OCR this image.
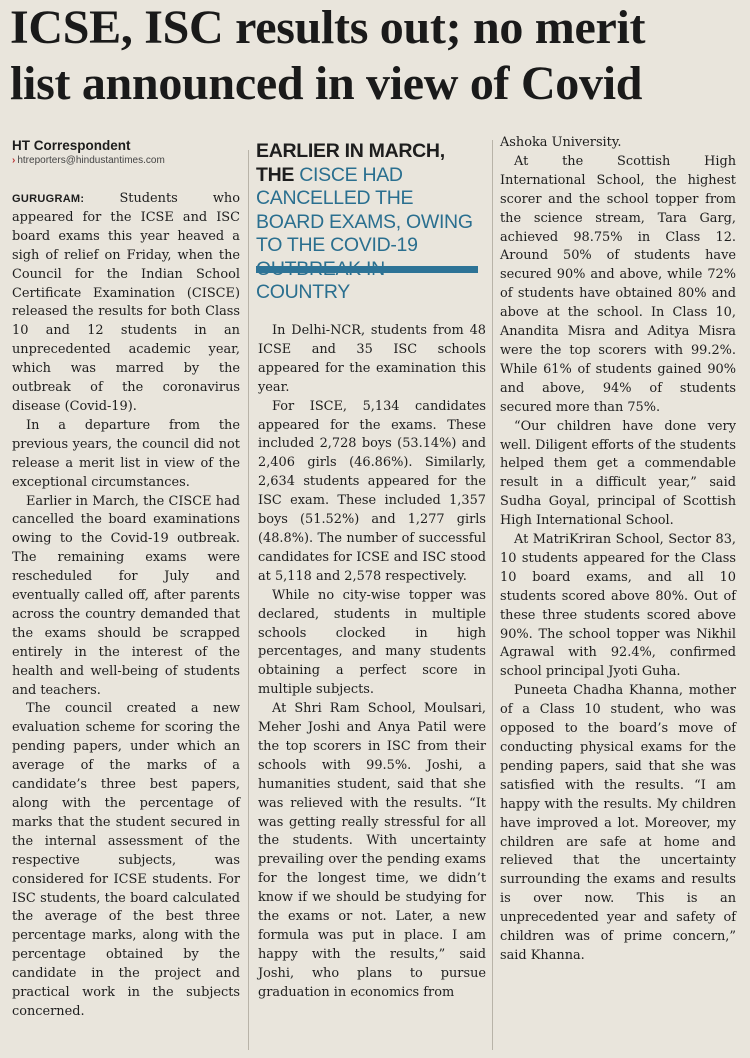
ICSE, ISC results out; no merit
list announced in view of Covid
HT Correspondent
› htreporters@hindustantimes.com	EARLIER IN MARCH, THE CISCE HAD CANCELLED THE BOARD EXAMS, OWING TO THE COVID-19 COUNTRY

GURUGRAM: Students who appeared for the ICSE and ISC board exams this year heaved a sigh of relief on Friday, when the Council for the Indian School Certificate Examination (CISCE) released the results for both Class 10 and 12 students in an unprecedented academic year, which was marred by the outbreak of the coronavirus disease (Covid-19).

In a departure from the previous years, the council did not release a merit list in view of the exceptional circumstances.

Earlier in March, the CISCE had cancelled the board examinations owing to the Covid-19 outbreak. The remaining exams were rescheduled for July and eventually called off, after parents across the country demanded that the exams should be scrapped entirely in the interest of the health and well-being of students and teachers.

The council created a new evaluation scheme for scoring the pending papers, under which an average of the marks of a candidate’s three best papers, along with the percentage of marks that the student secured in the internal assessment of the respective subjects, was considered for ICSE students. For ISC students, the board calculated the average of the best three percentage marks, along with the percentage obtained by the candidate in the project and practical work in the subjects concerned.

In Delhi-NCR, students from 48 ICSE and 35 ISC schools appeared for the examination this year.

For ISCE, 5,134 candidates appeared for the exams. These included 2,728 boys (53.14%) and 2,406 girls (46.86%). Similarly, 2,634 students appeared for the ISC exam. These included 1,357 boys (51.52%) and 1,277 girls (48.8%). The number of successful candidates for ICSE and ISC stood at 5,118 and 2,578 respectively.

While no city-wise topper was declared, students in multiple schools clocked in high percentages, and many students obtaining a perfect score in multiple subjects.

At Shri Ram School, Moulsari, Meher Joshi and Anya Patil were the top scorers in ISC from their schools with 99.5%. Joshi, a humanities student, said that she was relieved with the results. “It was getting really stressful for all the students. With uncertainty prevailing over the pending exams for the longest time, we didn’t know if we should be studying for the exams or not. Later, a new formula was put in place. I am happy with the results,” said Joshi, who plans to pursue graduation in economics from

Ashoka University.

At the Scottish High International School, the highest scorer and the school topper from the science stream, Tara Garg, achieved 98.75% in Class 12. Around 50% of students have secured 90% and above, while 72% of students have obtained 80% and above at the school. In Class 10, Anandita Misra and Aditya Misra were the top scorers with 99.2%. While 61% of students gained 90% and above, 94% of students secured more than 75%.

“Our children have done very well. Diligent efforts of the students helped them get a commendable result in a difficult year,” said Sudha Goyal, principal of Scottish High International School.

At MatriKriran School, Sector 83, 10 students appeared for the Class 10 board exams, and all 10 students scored above 80%. Out of these three students scored above 90%. The school topper was Nikhil Agrawal with 92.4%, confirmed school principal Jyoti Guha.

Puneeta Chadha Khanna, mother of a Class 10 student, who was opposed to the board’s move of conducting physical exams for the pending papers, said that she was satisfied with the results. “I am happy with the results. My children have improved a lot. Moreover, my children are safe at home and relieved that the uncertainty surrounding the exams and results is over now. This is an unprecedented year and safety of children was of prime concern,” said Khanna.
